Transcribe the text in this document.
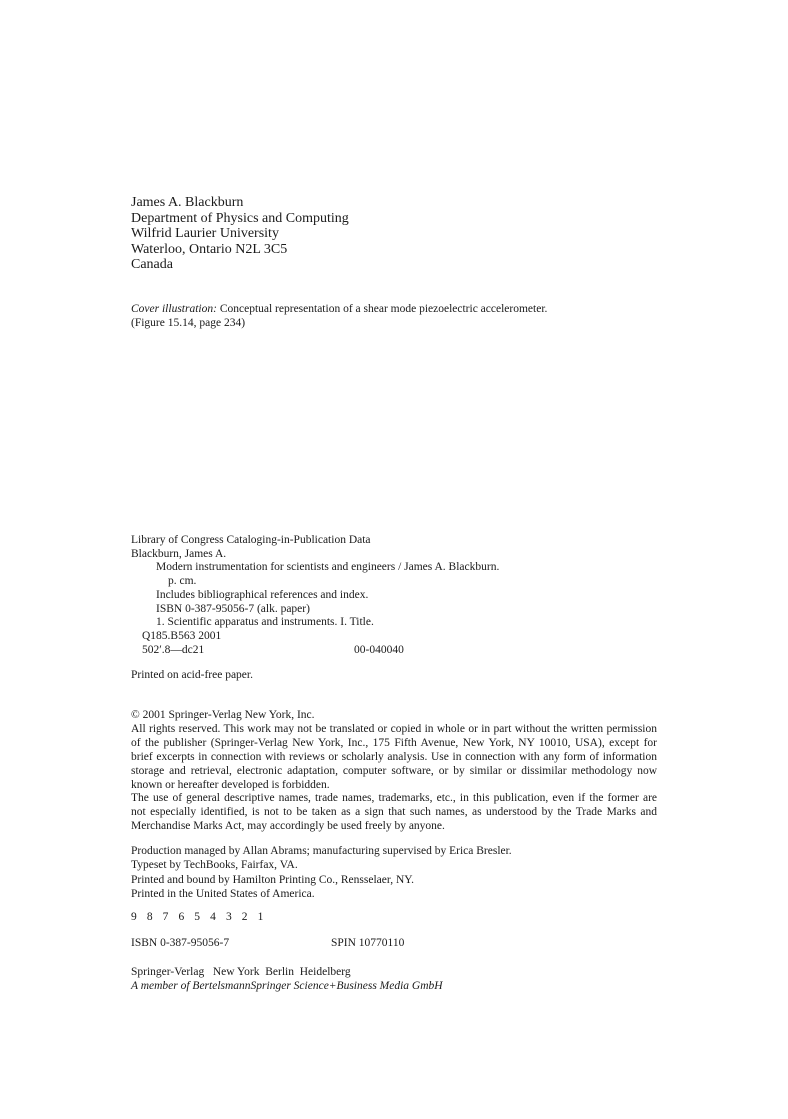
James A. Blackburn
Department of Physics and Computing
Wilfrid Laurier University
Waterloo, Ontario N2L 3C5
Canada
Cover illustration: Conceptual representation of a shear mode piezoelectric accelerometer.
(Figure 15.14, page 234)
Library of Congress Cataloging-in-Publication Data
Blackburn, James A.
Modern instrumentation for scientists and engineers / James A. Blackburn.
p. cm.
Includes bibliographical references and index.
ISBN 0-387-95056-7 (alk. paper)
1. Scientific apparatus and instruments. I. Title.
Q185.B563 2001
502′.8—dc21	00-040040
Printed on acid-free paper.
© 2001 Springer-Verlag New York, Inc.
All rights reserved. This work may not be translated or copied in whole or in part without the written permission
of the publisher (Springer-Verlag New York, Inc., 175 Fifth Avenue, New York, NY 10010, USA), except for
brief excerpts in connection with reviews or scholarly analysis. Use in connection with any form of information
storage and retrieval, electronic adaptation, computer software, or by similar or dissimilar methodology now
known or hereafter developed is forbidden.
The use of general descriptive names, trade names, trademarks, etc., in this publication, even if the former are
not especially identified, is not to be taken as a sign that such names, as understood by the Trade Marks and
Merchandise Marks Act, may accordingly be used freely by anyone.
Production managed by Allan Abrams; manufacturing supervised by Erica Bresler.
Typeset by TechBooks, Fairfax, VA.
Printed and bound by Hamilton Printing Co., Rensselaer, NY.
Printed in the United States of America.
9 8 7 6 5 4 3 2 1
ISBN 0-387-95056-7	SPIN 10770110
Springer-Verlag   New York  Berlin  Heidelberg
A member of BertelsmannSpringer Science+Business Media GmbH
